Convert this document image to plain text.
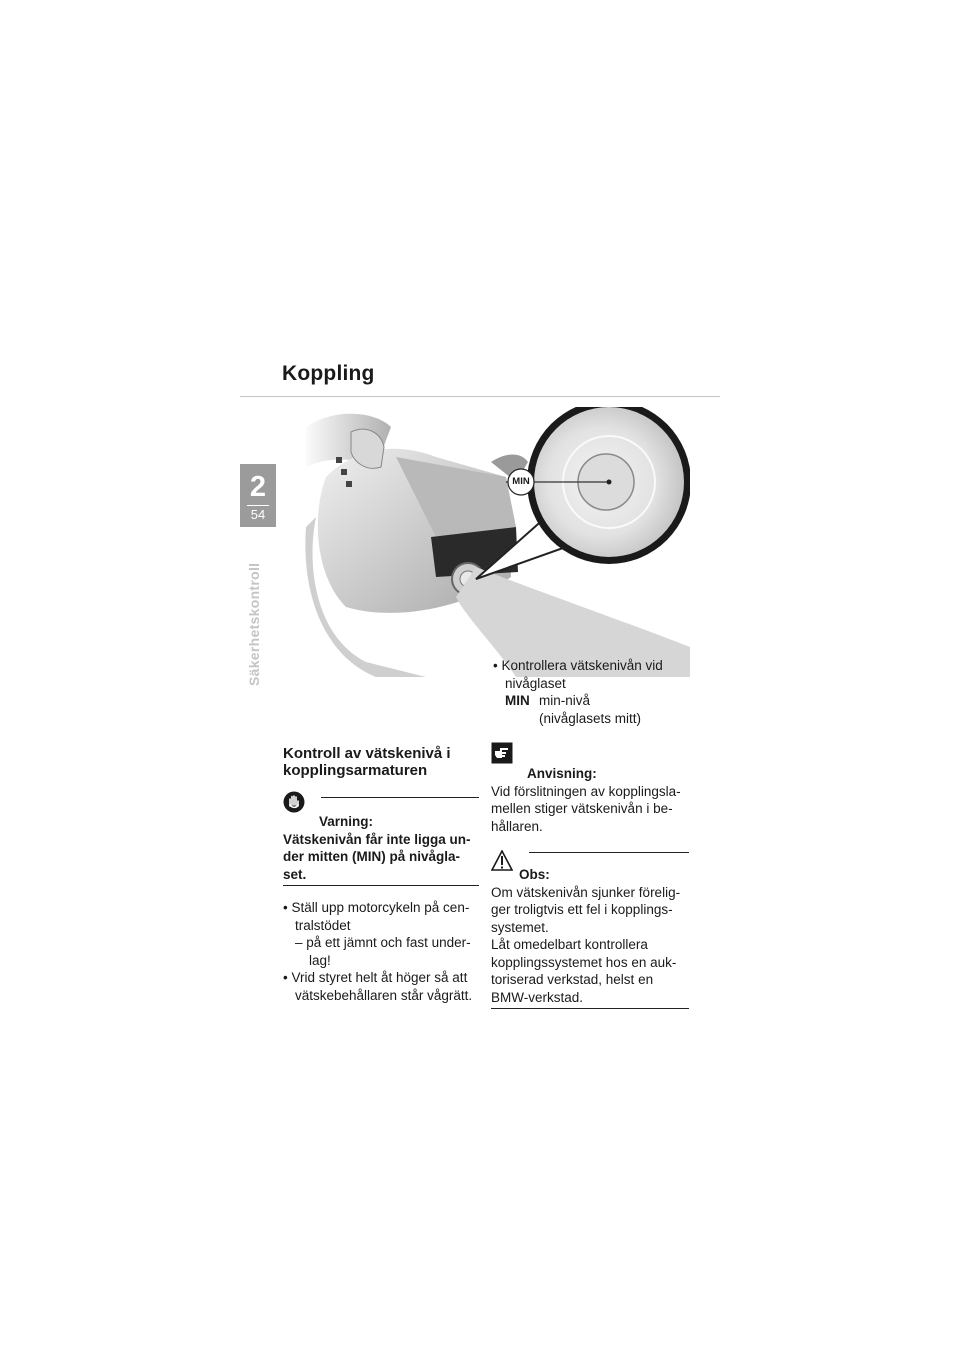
Koppling
2
54
Säkerhetskontroll
MIN
• Kontrollera vätskenivån vid
nivåglaset
MIN min-nivå
(nivåglasets mitt)
Kontroll av vätskenivå i
kopplingsarmaturen
Varning:
Vätskenivån får inte ligga un-
der mitten (MIN) på nivågla-
set.
• Ställ upp motorcykeln på cen-
tralstödet
– på ett jämnt och fast under-
lag!
• Vrid styret helt åt höger så att
vätskebehållaren står vågrätt.
Anvisning:
Vid förslitningen av kopplingsla-
mellen stiger vätskenivån i be-
hållaren.
Obs:
Om vätskenivån sjunker förelig-
ger troligtvis ett fel i kopplings-
systemet.
Låt omedelbart kontrollera
kopplingssystemet hos en auk-
toriserad verkstad, helst en
BMW-verkstad.
